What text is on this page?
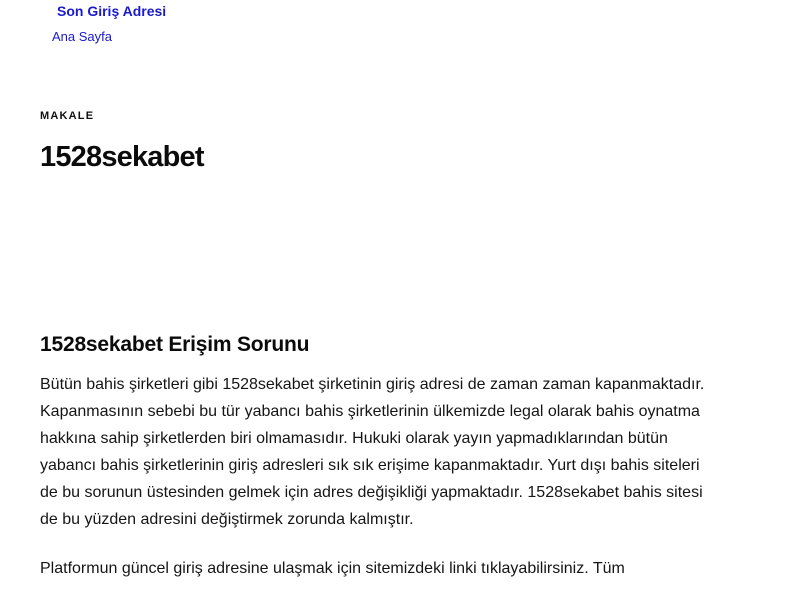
Son Giriş Adresi
Ana Sayfa
MAKALE
1528sekabet
1528sekabet Erişim Sorunu

Bütün bahis şirketleri gibi 1528sekabet şirketinin giriş adresi de zaman zaman kapanmaktadır. Kapanmasının sebebi bu tür yabancı bahis şirketlerinin ülkemizde legal olarak bahis oynatma hakkına sahip şirketlerden biri olmamasıdır. Hukuki olarak yayın yapmadıklarından bütün yabancı bahis şirketlerinin giriş adresleri sık sık erişime kapanmaktadır. Yurt dışı bahis siteleri de bu sorunun üstesinden gelmek için adres değişikliği yapmaktadır. 1528sekabet bahis sitesi de bu yüzden adresini değiştirmek zorunda kalmıştır.

Platformun güncel giriş adresine ulaşmak için sitemizdeki linki tıklayabilirsiniz. Tüm
